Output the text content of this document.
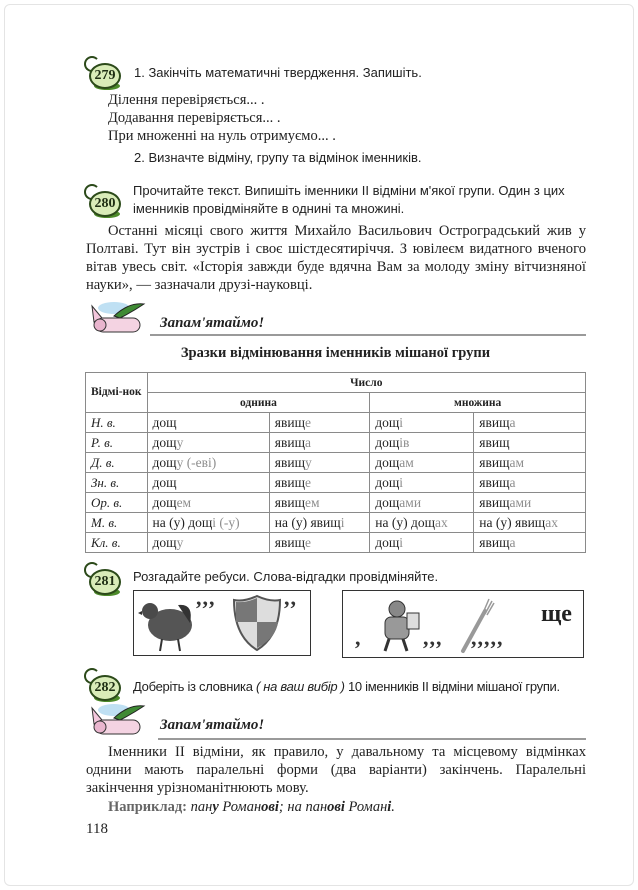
279	1. Закінчіть математичні твердження. Запишіть.
Ділення перевіряється... .
Додавання перевіряється... .
При множенні на нуль отримуємо... .
2. Визначте відміну, групу та відмінок іменників.
280
Прочитайте текст. Випишіть іменники ІІ відміни м'якої групи. Один з цих іменників провідміняйте в однині та множині.
Останні місяці свого життя Михайло Васильович Остроградський жив у Полтаві. Тут він зустрів і своє шістдесятиріччя. З ювілеєм видатного вченого вітав увесь світ. «Історія завжди буде вдячна Вам за молоду зміну вітчизняної науки», — зазначали друзі-науковці.
Запам'ятаймо!
Зразки відмінювання іменників мішаної групи
Відмі-нок	Число			
	однина		множина	
Н. в.	дощ	явище	дощі	явища
Р. в.	дощу	явища	дощів	явищ
Д. в.	дощу (-еві)	явищу	дощам	явищам
Зн. в.	дощ	явище	дощі	явища
Ор. в.	дощем	явищем	дощами	явищами
М. в.	на (у) дощі (-у)	на (у) явищі	на (у) дощах	на (у) явищах
Кл. в.	дощу	явище	дощі	явища
281	Розгадайте ребуси. Слова-відгадки провідміняйте.
,,,	,,
,	,,, ,,,,,
ще
282	Доберіть із словника ( на ваш вибір ) 10 іменників ІІ відміни мішаної групи.
Запам'ятаймо!
Іменники ІІ відміни, як правило, у давальному та місцевому відмінках однини мають паралельні форми (два варіанти) закінчень. Паралельні закінчення урізноманітнюють мову.
Наприклад: пану Романові; на панові Романі.
118
